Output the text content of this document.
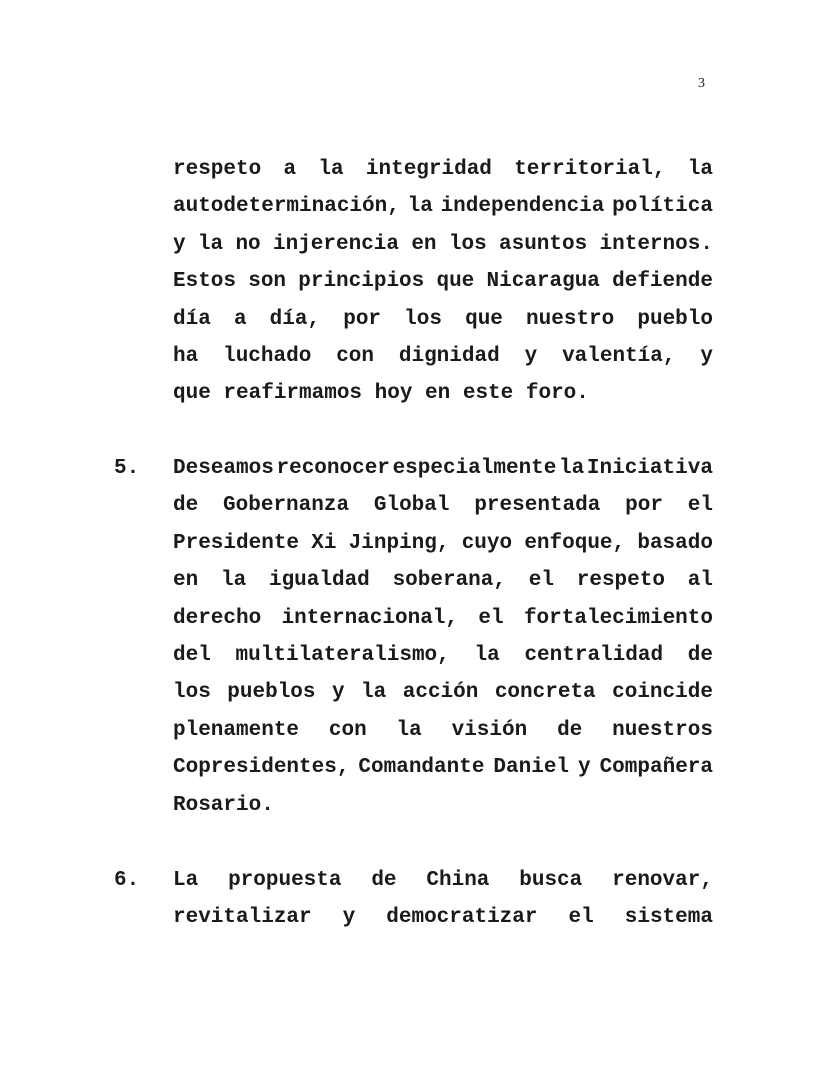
3
respeto a la integridad territorial, la
autodeterminación, la independencia política
y la no injerencia en los asuntos internos.
Estos son principios que Nicaragua defiende
día a día, por los que nuestro pueblo
ha luchado con dignidad y valentía, y
que reafirmamos hoy en este foro.
5. Deseamos reconocer especialmente la Iniciativa
de Gobernanza Global presentada por el
Presidente Xi Jinping, cuyo enfoque, basado
en la igualdad soberana, el respeto al
derecho internacional, el fortalecimiento
del multilateralismo, la centralidad de
los pueblos y la acción concreta coincide
plenamente con la visión de nuestros
Copresidentes, Comandante Daniel y Compañera
Rosario.
6. La propuesta de China busca renovar,
revitalizar y democratizar el sistema
